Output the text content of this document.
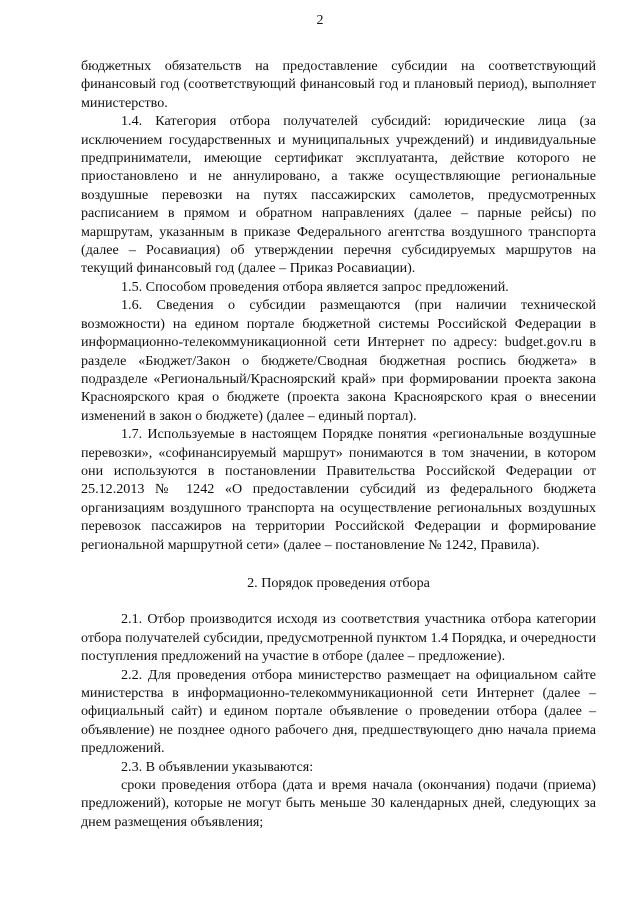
2

бюджетных обязательств на предоставление субсидии на соответствующий финансовый год (соответствующий финансовый год и плановый период), выполняет министерство.

1.4. Категория отбора получателей субсидий: юридические лица (за исключением государственных и муниципальных учреждений) и индивидуальные предприниматели, имеющие сертификат эксплуатанта, действие которого не приостановлено и не аннулировано, а также осуществляющие региональные воздушные перевозки на путях пассажирских самолетов, предусмотренных расписанием в прямом и обратном направлениях (далее – парные рейсы) по маршрутам, указанным в приказе Федерального агентства воздушного транспорта (далее – Росавиация) об утверждении перечня субсидируемых маршрутов на текущий финансовый год (далее – Приказ Росавиации).

1.5. Способом проведения отбора является запрос предложений.

1.6. Сведения о субсидии размещаются (при наличии технической возможности) на едином портале бюджетной системы Российской Федерации в информационно-телекоммуникационной сети Интернет по адресу: budget.gov.ru в разделе «Бюджет/Закон о бюджете/Сводная бюджетная роспись бюджета» в подразделе «Региональный/Красноярский край» при формировании проекта закона Красноярского края о бюджете (проекта закона Красноярского края о внесении изменений в закон о бюджете) (далее – единый портал).

1.7. Используемые в настоящем Порядке понятия «региональные воздушные перевозки», «софинансируемый маршрут» понимаются в том значении, в котором они используются в постановлении Правительства Российской Федерации от 25.12.2013 № 1242 «О предоставлении субсидий из федерального бюджета организациям воздушного транспорта на осуществление региональных воздушных перевозок пассажиров на территории Российской Федерации и формирование региональной маршрутной сети» (далее – постановление № 1242, Правила).

2. Порядок проведения отбора

2.1. Отбор производится исходя из соответствия участника отбора категории отбора получателей субсидии, предусмотренной пунктом 1.4 Порядка, и очередности поступления предложений на участие в отборе (далее – предложение).

2.2. Для проведения отбора министерство размещает на официальном сайте министерства в информационно-телекоммуникационной сети Интернет (далее – официальный сайт) и едином портале объявление о проведении отбора (далее – объявление) не позднее одного рабочего дня, предшествующего дню начала приема предложений.

2.3. В объявлении указываются:

сроки проведения отбора (дата и время начала (окончания) подачи (приема) предложений), которые не могут быть меньше 30 календарных дней, следующих за днем размещения объявления;
